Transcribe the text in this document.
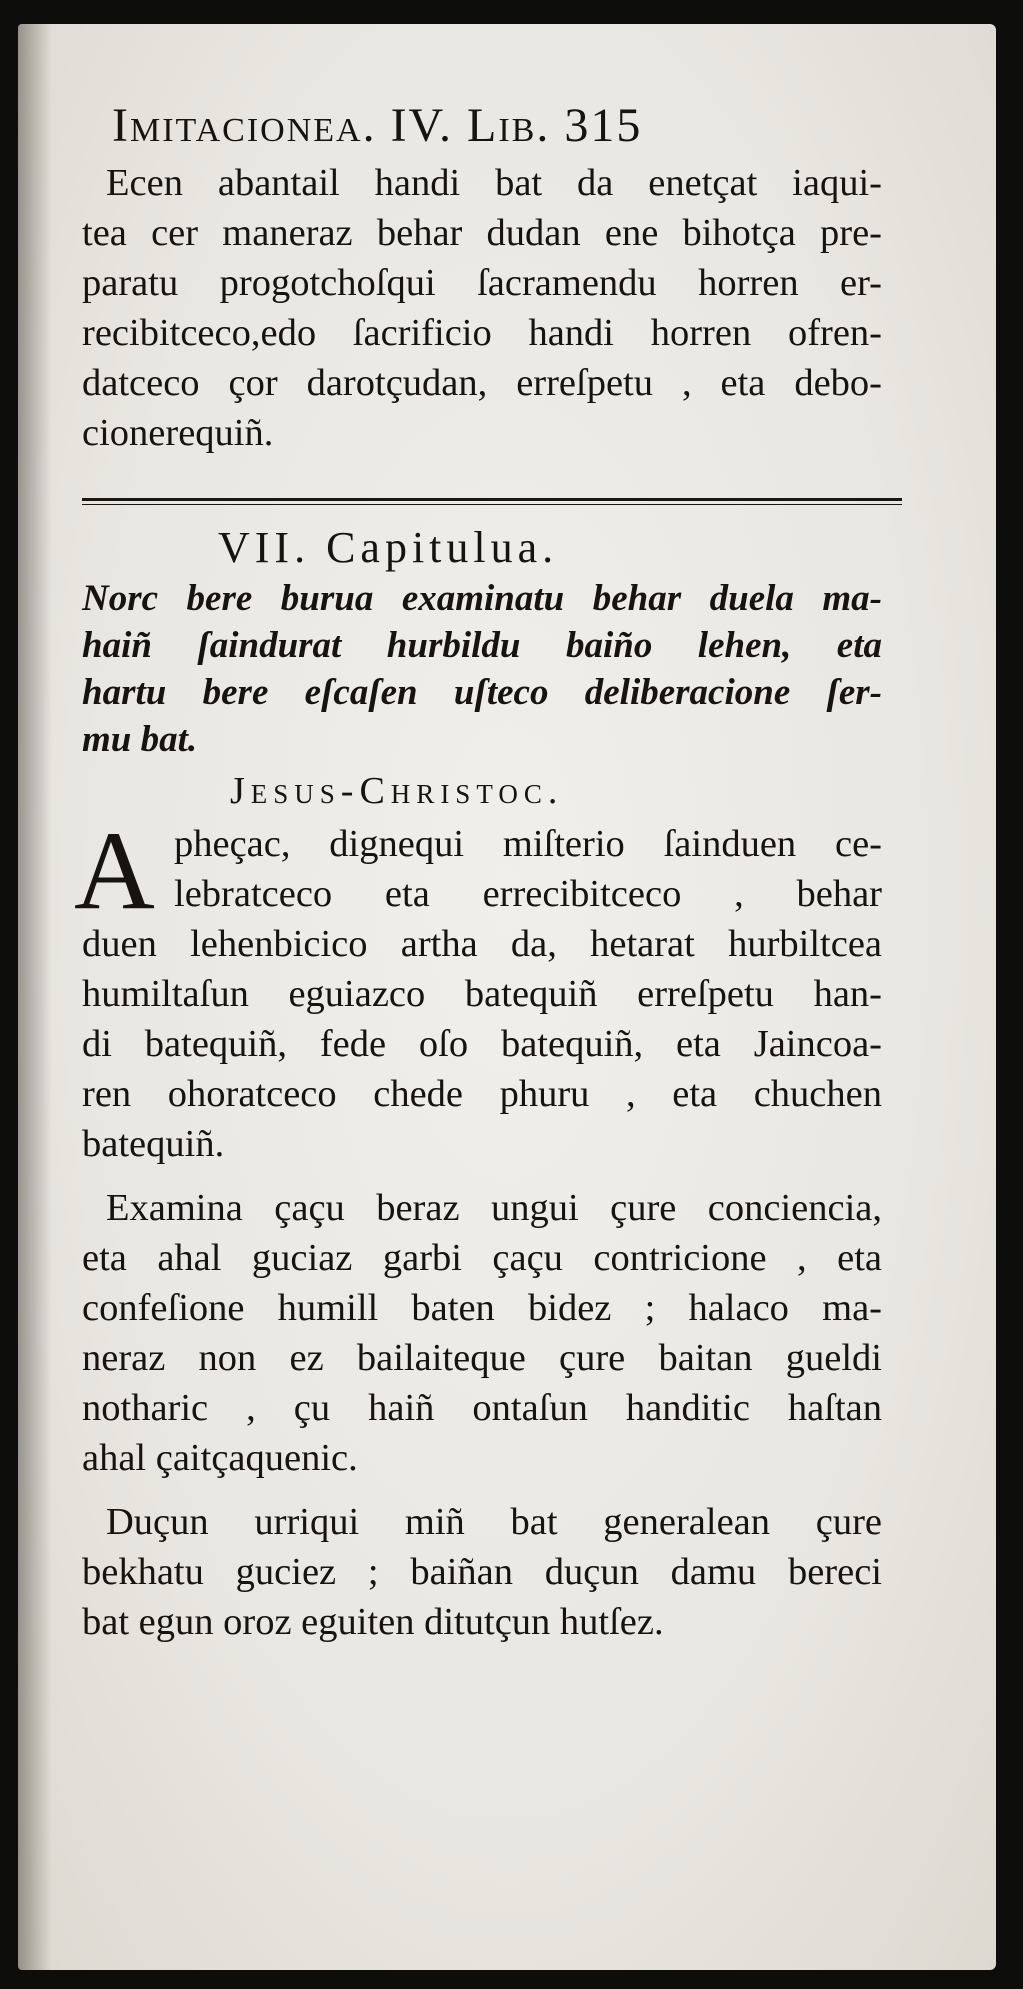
Imitacionea. IV. Lib. 315
Ecen abantail handi bat da enetçat iaqui-
tea cer maneraz behar dudan ene bihotça pre-
paratu progotchoſqui ſacramendu horren er-
recibitceco,edo ſacrificio handi horren ofren-
datceco çor darotçudan, erreſpetu , eta debo-
cionerequiñ.
VII. Capitulua.
Norc bere burua examinatu behar duela ma-
haiñ ſaindurat hurbildu baiño lehen, eta
hartu bere eſcaſen uſteco deliberacione ſer-
mu bat.
Jesus-Christoc.
A pheçac, dignequi miſterio ſainduen ce-
lebratceco eta errecibitceco , behar
duen lehenbicico artha da, hetarat hurbiltcea
humiltaſun eguiazco batequiñ erreſpetu han-
di batequiñ, fede oſo batequiñ, eta Jaincoa-
ren ohoratceco chede phuru , eta chuchen
batequiñ.
Examina çaçu beraz ungui çure conciencia,
eta ahal guciaz garbi çaçu contricione , eta
confeſione humill baten bidez ; halaco ma-
neraz non ez bailaiteque çure baitan gueldi
notharic , çu haiñ ontaſun handitic haſtan
ahal çaitçaquenic.
Duçun urriqui miñ bat generalean çure
bekhatu guciez ; baiñan duçun damu bereci
bat egun oroz eguiten ditutçun hutſez.
